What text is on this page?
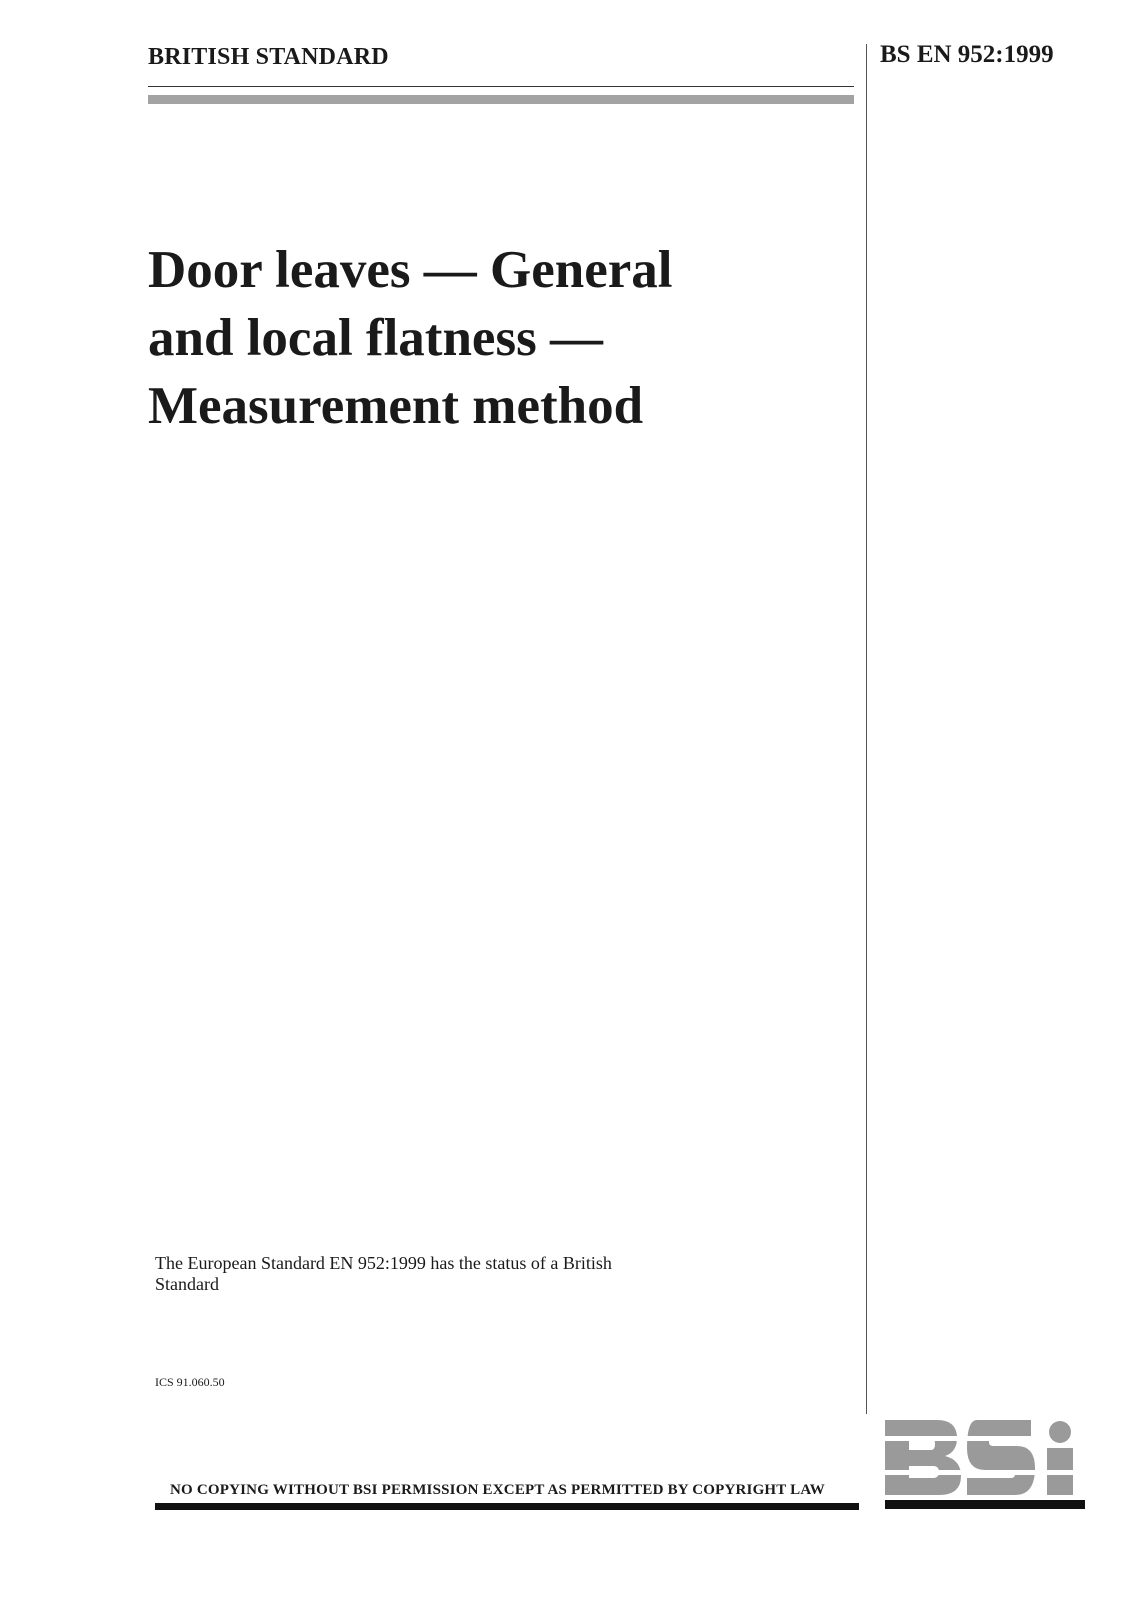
BRITISH STANDARD	BS EN 952:1999
Door leaves — General
and local flatness —
Measurement method
The European Standard EN 952:1999 has the status of a British Standard
ICS 91.060.50
NO COPYING WITHOUT BSI PERMISSION EXCEPT AS PERMITTED BY COPYRIGHT LAW
